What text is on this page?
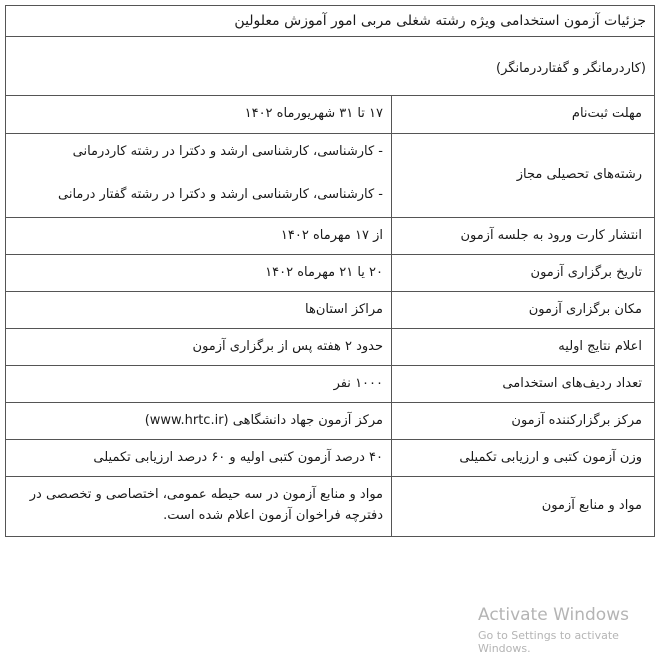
جزئیات آزمون استخدامی ویژه رشته شغلی مربی امور آموزش معلولین	

(کاردرمانگر و گفتاردرمانگر)	

مهلت ثبت‌نام	۱۷ تا ۳۱ شهریورماه ۱۴۰۲
رشته‌های تحصیلی مجاز	- کارشناسی، کارشناسی ارشد و دکترا در رشته کاردرمانی
- کارشناسی، کارشناسی ارشد و دکترا در رشته گفتار درمانی

انتشار کارت ورود به جلسه آزمون	از ۱۷ مهرماه ۱۴۰۲
تاریخ برگزاری آزمون	۲۰ یا ۲۱ مهرماه ۱۴۰۲
مکان برگزاری آزمون	مراکز استان‌ها
اعلام نتایج اولیه	حدود ۲ هفته پس از برگزاری آزمون
تعداد ردیف‌های استخدامی	۱۰۰۰ نفر
مرکز برگزارکننده آزمون	مرکز آزمون جهاد دانشگاهی (www.hrtc.ir)
وزن آزمون کتبی و ارزیابی تکمیلی	۴۰ درصد آزمون کتبی اولیه و ۶۰ درصد ارزیابی تکمیلی
مواد و منابع آزمون	مواد و منابع آزمون در سه حیطه عمومی، اختصاصی و تخصصی در دفترچه فراخوان آزمون اعلام شده است.
Activate Windows
Go to Settings to activate Windows.
